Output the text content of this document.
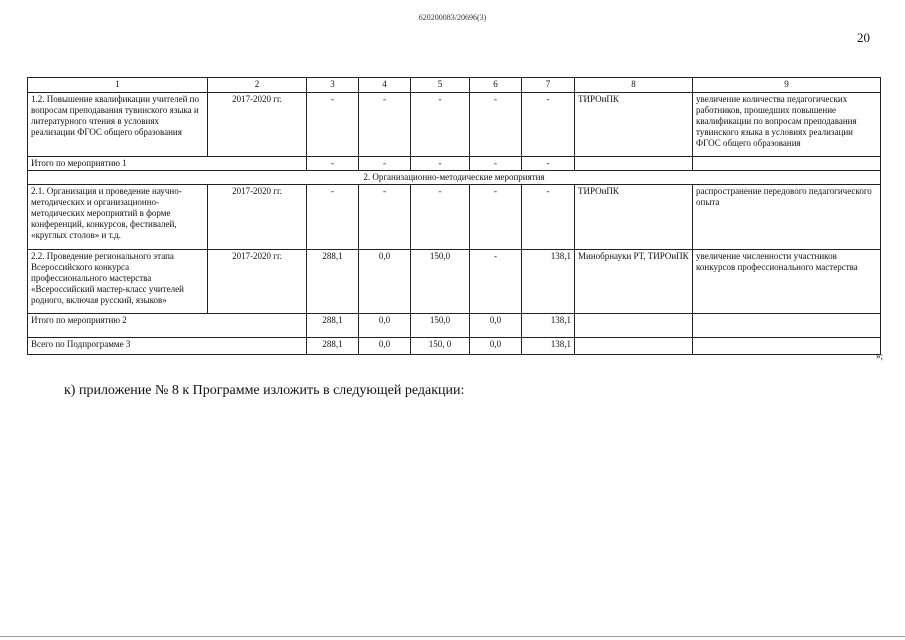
620200083/20696(3)
20
1	2	3	4	5	6	7	8	9
1.2. Повышение квалификации учителей по вопросам преподавания тувинского языка и литературного чтения в условиях реализации ФГОС общего образования	2017-2020 гг.	-	-	-	-	-	ТИРОиПК	увеличение количества педагогических работников, прошедших повышение квалификации по вопросам преподавания тувинского языка в условиях реализации ФГОС общего образования
Итого по мероприятию 1		-	-	-	-	-		
2. Организационно-методические мероприятия								
2.1. Организация и проведение научно-методических и организационно-методических мероприятий в форме конференций, конкурсов, фестивалей, «круглых столов» и т.д.	2017-2020 гг.	-	-	-	-	-	ТИРОиПК	распространение передового педагогического опыта
2.2. Проведение регионального этапа Всероссийского конкурса профессионального мастерства «Всероссийский мастер-класс учителей родного, включая русский, языков»	2017-2020 гг.	288,1	0,0	150,0	-	138,1	Минобрнауки РТ, ТИРОиПК	увеличение численности участников конкурсов профессионального мастерства
Итого по мероприятию 2		288,1	0,0	150,0	0,0	138,1		
Всего по Подпрограмме 3		288,1	0,0	150, 0	0,0	138,1		
»;
к) приложение № 8 к Программе изложить в следующей редакции:
